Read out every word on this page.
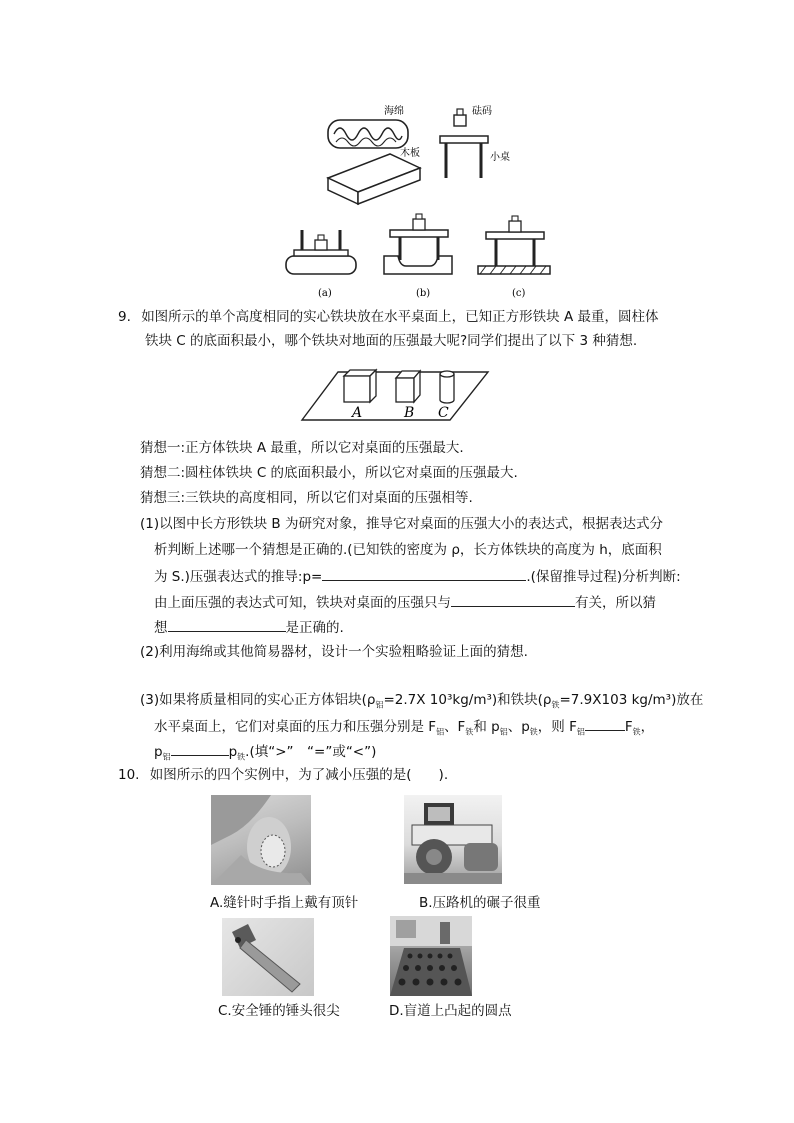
海绵	砝码
木板	小桌
(a)	(b)	(c)
9. 如图所示的单个高度相同的实心铁块放在水平桌面上，已知正方形铁块 A 最重，圆柱体
铁块 C 的底面积最小，哪个铁块对地面的压强最大呢?同学们提出了以下 3 种猜想.
A	B C
猜想一:正方体铁块 A 最重，所以它对桌面的压强最大.
猜想二:圆柱体铁块 C 的底面积最小，所以它对桌面的压强最大.
猜想三:三铁块的高度相同，所以它们对桌面的压强相等.
(1)以图中长方形铁块 B 为研究对象，推导它对桌面的压强大小的表达式，根据表达式分
析判断上述哪一个猜想是正确的.(已知铁的密度为 ρ，长方体铁块的高度为 h，底面积
为 S.)压强表达式的推导:p=	.(保留推导过程)分析判断:
由上面压强的表达式可知，铁块对桌面的压强只与	有关，所以猜
想	是正确的.
(2)利用海绵或其他简易器材，设计一个实验粗略验证上面的猜想.
(3)如果将质量相同的实心正方体铝块($\rho_铝=2.7X$ 10³kg/m³)和铁块($\rho_铁=7.9X103$ kg/m³)放在
水平桌面上，它们对桌面的压力和压强分别是 $F_铝$、$F_铁$和 $p_铝$、$p_铁$，则 $F_铝$	$F_铁$，
$p_铝$	$p_铁$.(填“>”　“=”或“<”)
10. 如图所示的四个实例中，为了减小压强的是(　　).
A.缝针时手指上戴有顶针	B.压路机的碾子很重
C.安全锤的锤头很尖	D.盲道上凸起的圆点
